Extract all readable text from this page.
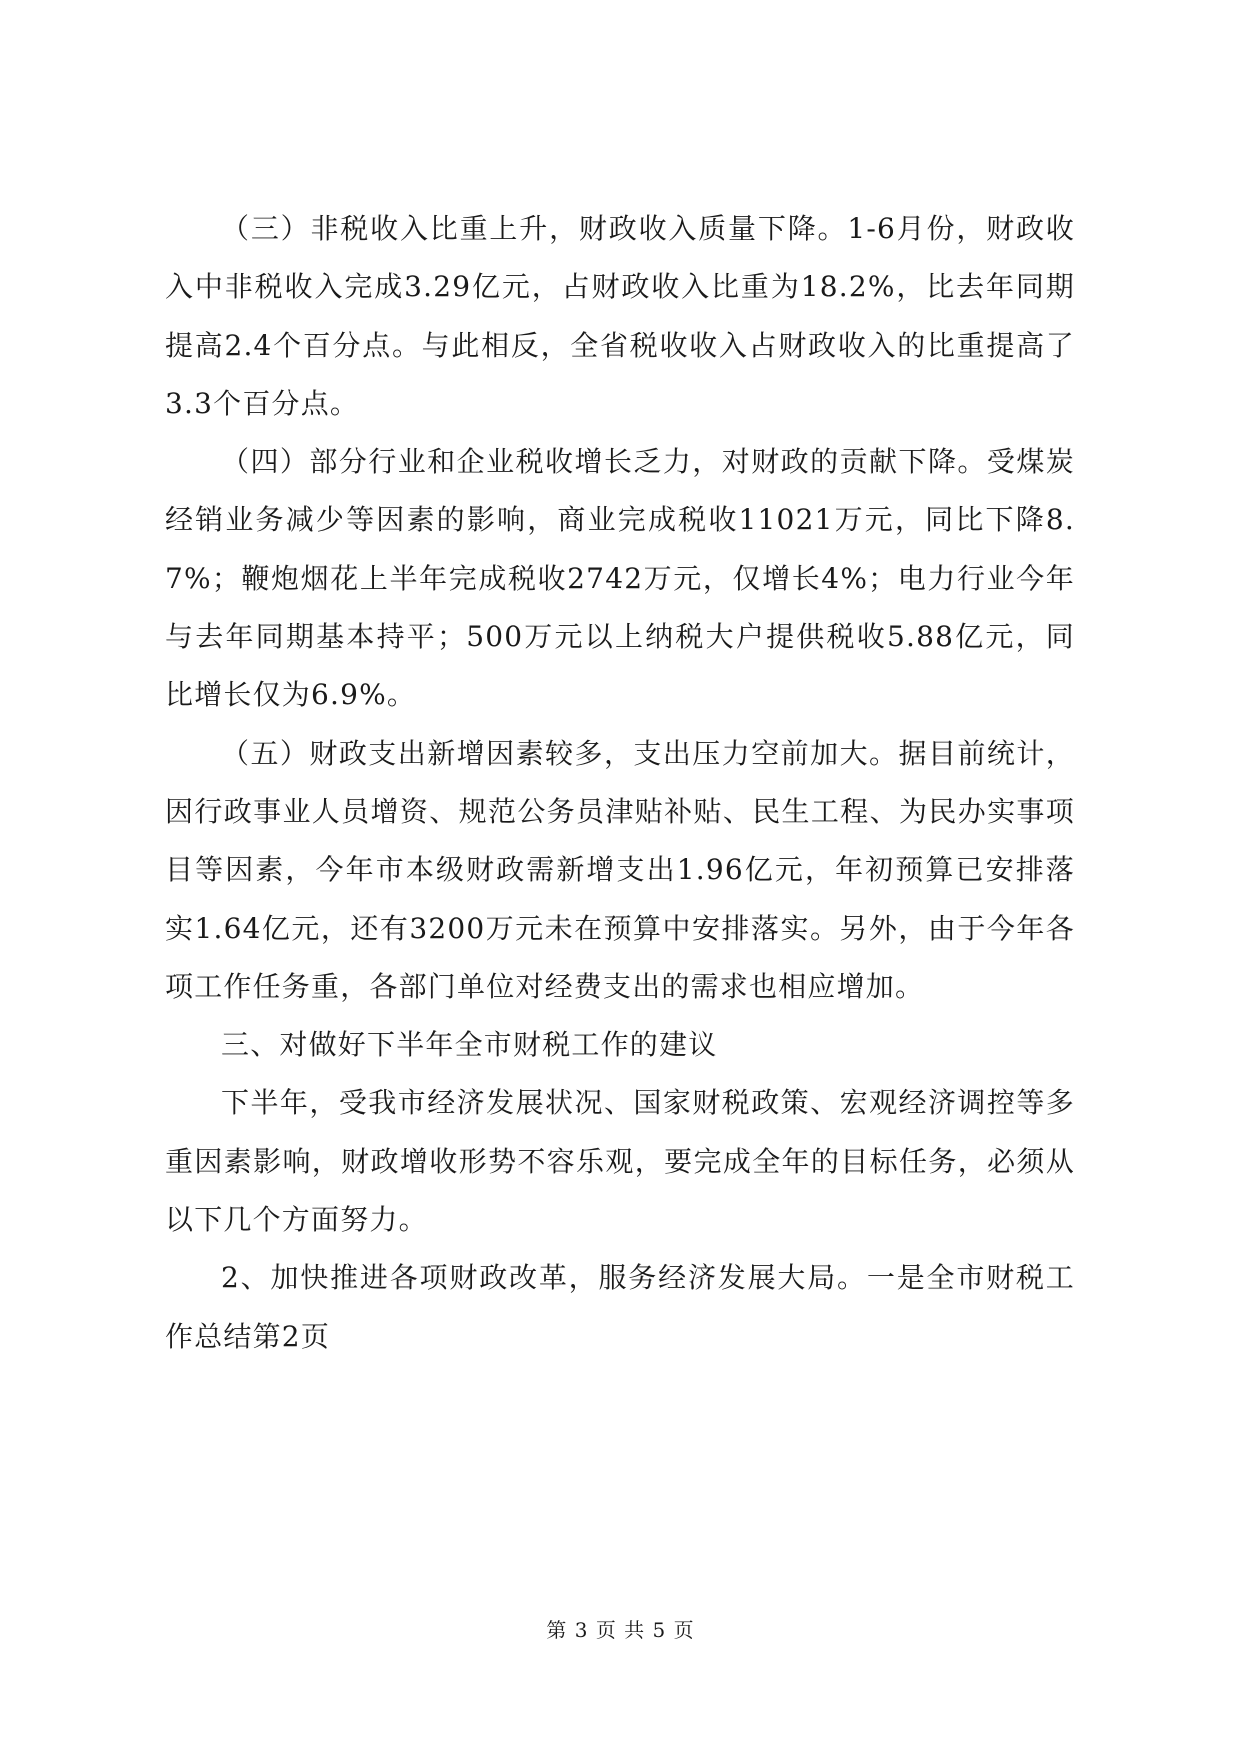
（三）非税收入比重上升，财政收入质量下降。1-6月份，财政收入中非税收入完成3.29亿元，占财政收入比重为18.2%，比去年同期提高2.4个百分点。与此相反，全省税收收入占财政收入的比重提高了3.3个百分点。

（四）部分行业和企业税收增长乏力，对财政的贡献下降。受煤炭经销业务减少等因素的影响，商业完成税收11021万元，同比下降8.7%；鞭炮烟花上半年完成税收2742万元，仅增长4%；电力行业今年与去年同期基本持平；500万元以上纳税大户提供税收5.88亿元，同比增长仅为6.9%。

（五）财政支出新增因素较多，支出压力空前加大。据目前统计，因行政事业人员增资、规范公务员津贴补贴、民生工程、为民办实事项目等因素，今年市本级财政需新增支出1.96亿元，年初预算已安排落实1.64亿元，还有3200万元未在预算中安排落实。另外，由于今年各项工作任务重，各部门单位对经费支出的需求也相应增加。

三、对做好下半年全市财税工作的建议

下半年，受我市经济发展状况、国家财税政策、宏观经济调控等多重因素影响，财政增收形势不容乐观，要完成全年的目标任务，必须从以下几个方面努力。

2、加快推进各项财政改革，服务经济发展大局。一是全市财税工作总结第2页

第 3 页 共 5 页
